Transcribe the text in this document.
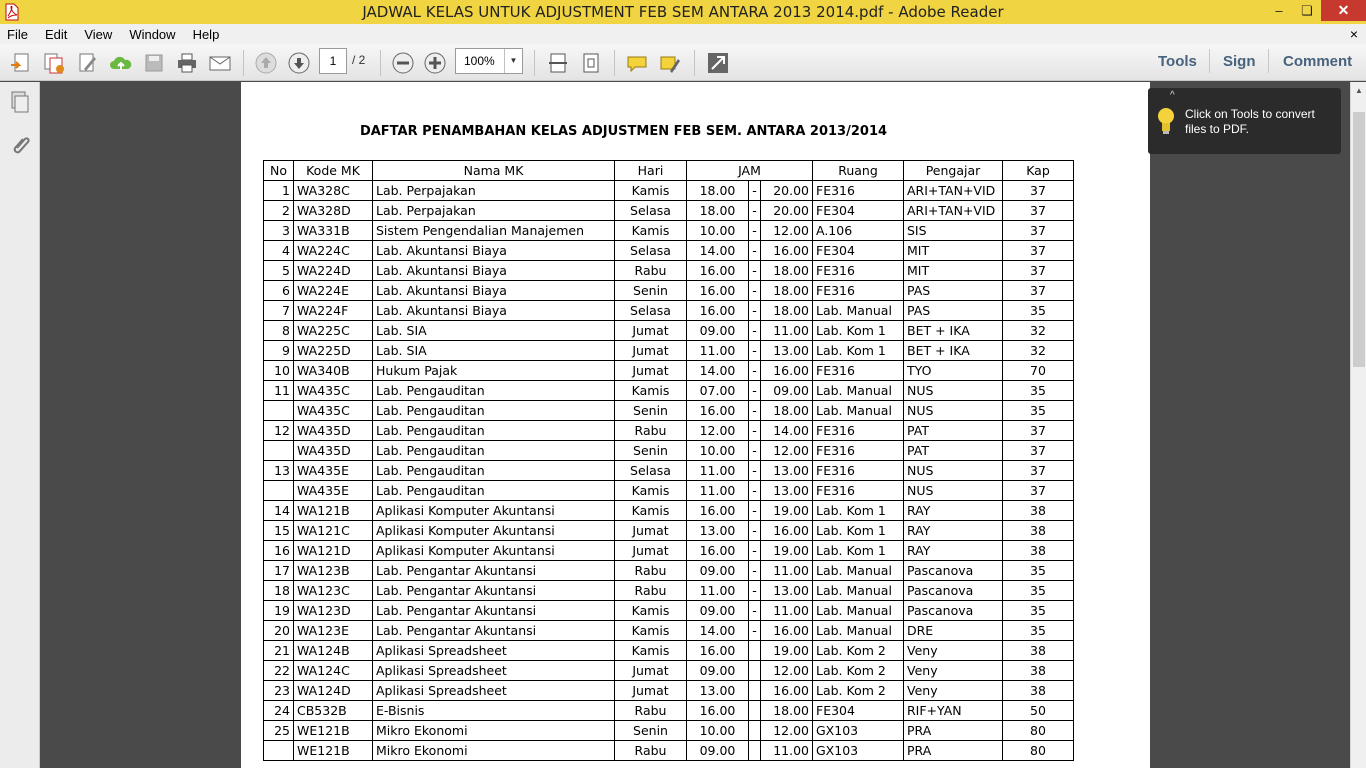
JADWAL KELAS UNTUK ADJUSTMENT FEB SEM ANTARA 2013 2014.pdf - Adobe Reader	–	❏	✕
File Edit View Window Help	×
1	/ 2	100%	▼	Tools Sign Comment
DAFTAR PENAMBAHAN KELAS ADJUSTMEN FEB SEM. ANTARA 2013/2014
No	Kode MK	Nama MK	Hari	JAM			Ruang	Pengajar	Kap
1	WA328C	Lab. Perpajakan	Kamis	18.00	-	20.00	FE316	ARI+TAN+VID	37
2	WA328D	Lab. Perpajakan	Selasa	18.00	-	20.00	FE304	ARI+TAN+VID	37
3	WA331B	Sistem Pengendalian Manajemen	Kamis	10.00	-	12.00	A.106	SIS	37
4	WA224C	Lab. Akuntansi Biaya	Selasa	14.00	-	16.00	FE304	MIT	37
5	WA224D	Lab. Akuntansi Biaya	Rabu	16.00	-	18.00	FE316	MIT	37
6	WA224E	Lab. Akuntansi Biaya	Senin	16.00	-	18.00	FE316	PAS	37
7	WA224F	Lab. Akuntansi Biaya	Selasa	16.00	-	18.00	Lab. Manual	PAS	35
8	WA225C	Lab. SIA	Jumat	09.00	-	11.00	Lab. Kom 1	BET + IKA	32
9	WA225D	Lab. SIA	Jumat	11.00	-	13.00	Lab. Kom 1	BET + IKA	32
10	WA340B	Hukum Pajak	Jumat	14.00	-	16.00	FE316	TYO	70
11	WA435C	Lab. Pengauditan	Kamis	07.00	-	09.00	Lab. Manual	NUS	35
	WA435C	Lab. Pengauditan	Senin	16.00	-	18.00	Lab. Manual	NUS	35
12	WA435D	Lab. Pengauditan	Rabu	12.00	-	14.00	FE316	PAT	37
	WA435D	Lab. Pengauditan	Senin	10.00	-	12.00	FE316	PAT	37
13	WA435E	Lab. Pengauditan	Selasa	11.00	-	13.00	FE316	NUS	37
	WA435E	Lab. Pengauditan	Kamis	11.00	-	13.00	FE316	NUS	37
14	WA121B	Aplikasi Komputer Akuntansi	Kamis	16.00	-	19.00	Lab. Kom 1	RAY	38
15	WA121C	Aplikasi Komputer Akuntansi	Jumat	13.00	-	16.00	Lab. Kom 1	RAY	38
16	WA121D	Aplikasi Komputer Akuntansi	Jumat	16.00	-	19.00	Lab. Kom 1	RAY	38
17	WA123B	Lab. Pengantar Akuntansi	Rabu	09.00	-	11.00	Lab. Manual	Pascanova	35
18	WA123C	Lab. Pengantar Akuntansi	Rabu	11.00	-	13.00	Lab. Manual	Pascanova	35
19	WA123D	Lab. Pengantar Akuntansi	Kamis	09.00	-	11.00	Lab. Manual	Pascanova	35
20	WA123E	Lab. Pengantar Akuntansi	Kamis	14.00	-	16.00	Lab. Manual	DRE	35
21	WA124B	Aplikasi Spreadsheet	Kamis	16.00		19.00	Lab. Kom 2	Veny	38
22	WA124C	Aplikasi Spreadsheet	Jumat	09.00		12.00	Lab. Kom 2	Veny	38
23	WA124D	Aplikasi Spreadsheet	Jumat	13.00		16.00	Lab. Kom 2	Veny	38
24	CB532B	E-Bisnis	Rabu	16.00		18.00	FE304	RIF+YAN	50
25	WE121B	Mikro Ekonomi	Senin	10.00		12.00	GX103	PRA	80
	WE121B	Mikro Ekonomi	Rabu	09.00		11.00	GX103	PRA	80
▲
^
Click on Tools to convert files to PDF.
